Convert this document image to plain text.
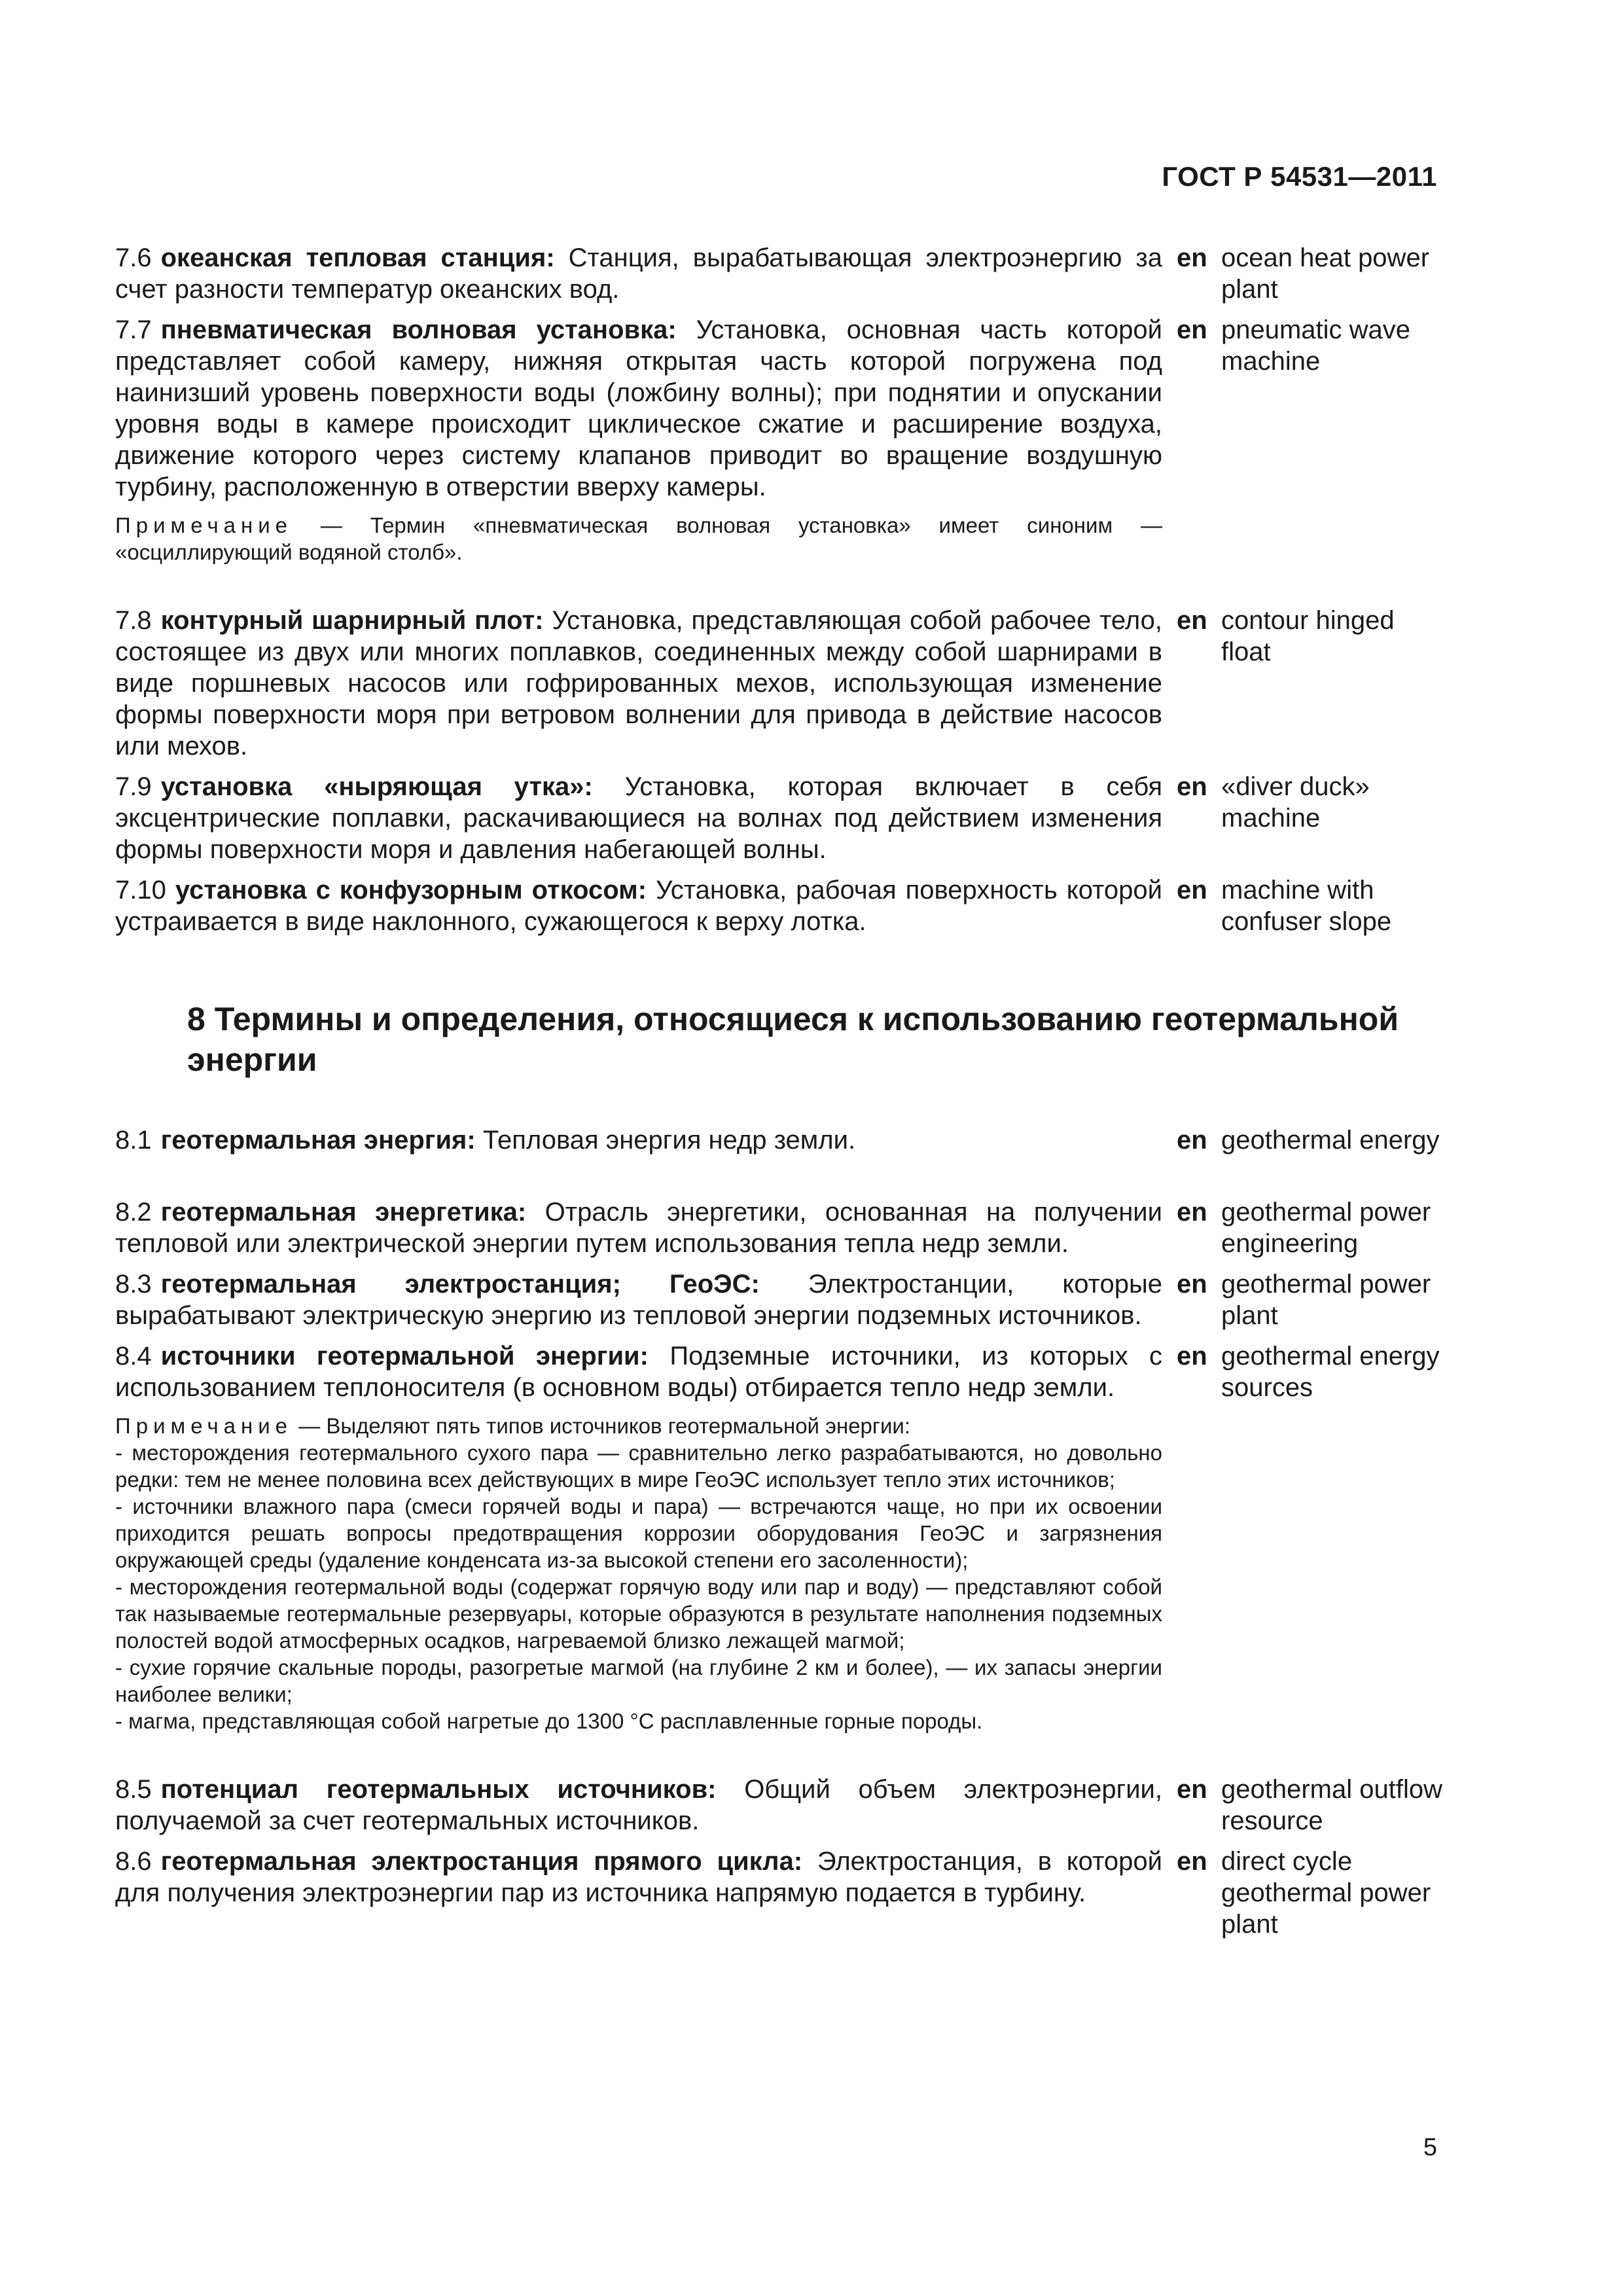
ГОСТ Р 54531—2011
7.6 океанская тепловая станция: Станция, вырабатывающая электроэнергию за счет разности температур океанских вод.
en ocean heat power plant
7.7 пневматическая волновая установка: Установка, основная часть которой представляет собой камеру, нижняя открытая часть которой погружена под наинизший уровень поверхности воды (ложбину волны); при поднятии и опускании уровня воды в камере происходит циклическое сжатие и расширение воздуха, движение которого через систему клапанов приводит во вращение воздушную турбину, расположенную в отверстии вверху камеры.
en pneumatic wave machine
Примечание — Термин «пневматическая волновая установка» имеет синоним — «осциллирующий водяной столб».
7.8 контурный шарнирный плот: Установка, представляющая собой рабочее тело, состоящее из двух или многих поплавков, соединенных между собой шарнирами в виде поршневых насосов или гофрированных мехов, использующая изменение формы поверхности моря при ветровом волнении для привода в действие насосов или мехов.
en contour hinged float
7.9 установка «ныряющая утка»: Установка, которая включает в себя эксцентрические поплавки, раскачивающиеся на волнах под действием изменения формы поверхности моря и давления набегающей волны.
en «diver duck» machine
7.10 установка с конфузорным откосом: Установка, рабочая поверхность которой устраивается в виде наклонного, сужающегося к верху лотка.
en machine with confuser slope
8 Термины и определения, относящиеся к использованию геотермальной энергии
8.1 геотермальная энергия: Тепловая энергия недр земли.	en geothermal energy
8.2 геотермальная энергетика: Отрасль энергетики, основанная на получении тепловой или электрической энергии путем использования тепла недр земли.
en geothermal power engineering
8.3 геотермальная электростанция; ГеоЭС: Электростанции, которые вырабатывают электрическую энергию из тепловой энергии подземных источников.
en geothermal power plant
8.4 источники геотермальной энергии: Подземные источники, из которых с использованием теплоносителя (в основном воды) отбирается тепло недр земли.
en geothermal energy sources
Примечание — Выделяют пять типов источников геотермальной энергии:
- месторождения геотермального сухого пара — сравнительно легко разрабатываются, но довольно редки: тем не менее половина всех действующих в мире ГеоЭС использует тепло этих источников;
- источники влажного пара (смеси горячей воды и пара) — встречаются чаще, но при их освоении приходится решать вопросы предотвращения коррозии оборудования ГеоЭС и загрязнения окружающей среды (удаление конденсата из-за высокой степени его засоленности);
- месторождения геотермальной воды (содержат горячую воду или пар и воду) — представляют собой так называемые геотермальные резервуары, которые образуются в результате наполнения подземных полостей водой атмосферных осадков, нагреваемой близко лежащей магмой;
- сухие горячие скальные породы, разогретые магмой (на глубине 2 км и более), — их запасы энергии наиболее велики;
- магма, представляющая собой нагретые до 1300 °С расплавленные горные породы.
8.5 потенциал геотермальных источников: Общий объем электроэнергии, получаемой за счет геотермальных источников.
en geothermal outflow resource
8.6 геотермальная электростанция прямого цикла: Электростанция, в которой для получения электроэнергии пар из источника напрямую подается в турбину.
en direct cycle geothermal power plant
5
